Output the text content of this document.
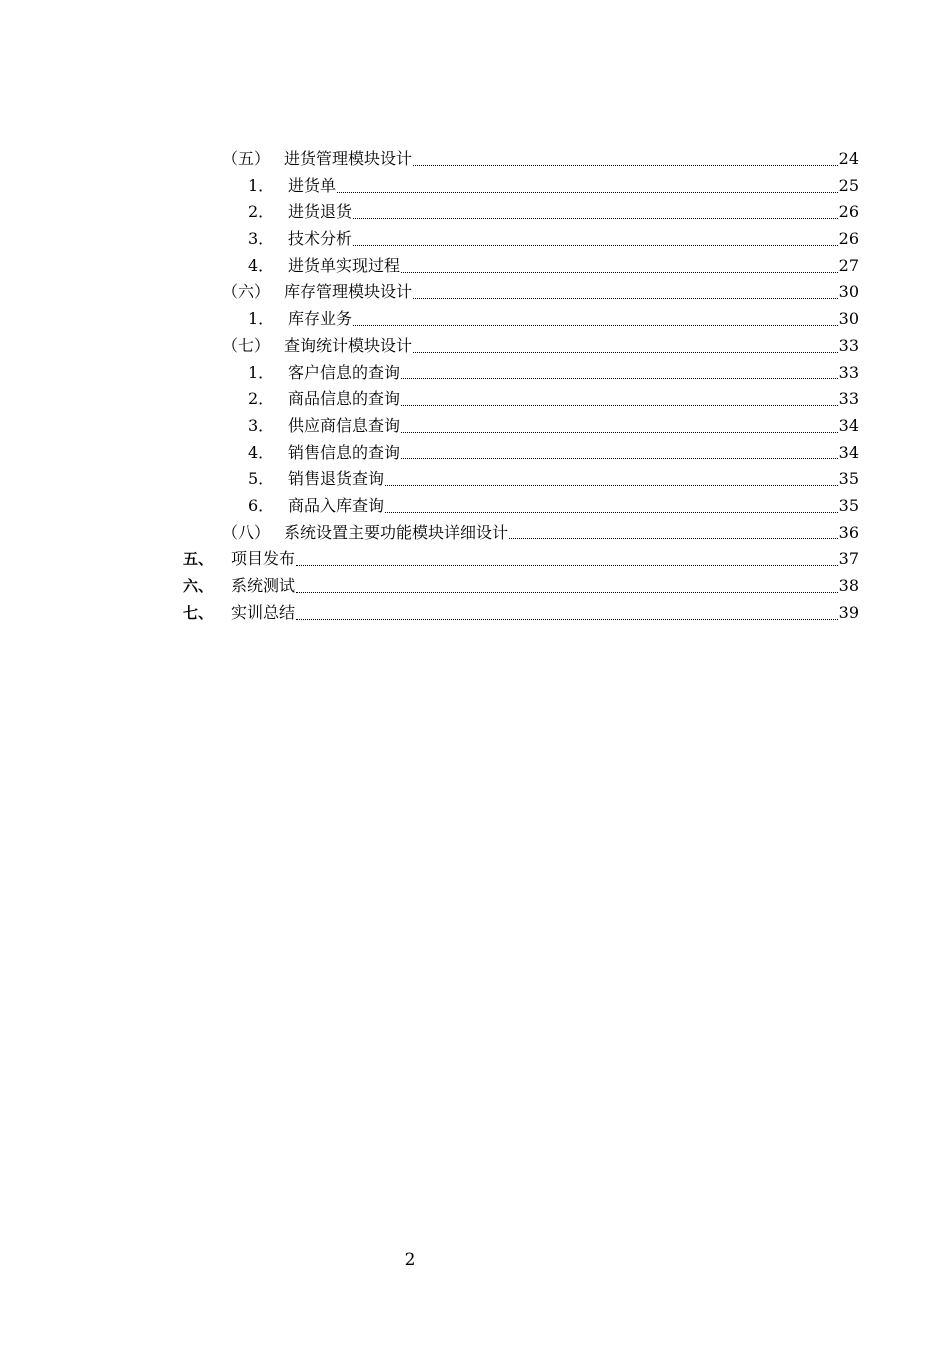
（五） 进货管理模块设计	24
1． 进货单	25
2． 进货退货	26
3． 技术分析	26
4． 进货单实现过程	27
（六） 库存管理模块设计	30
1． 库存业务	30
（七） 查询统计模块设计	33
1． 客户信息的查询	33
2． 商品信息的查询	33
3． 供应商信息查询	34
4． 销售信息的查询	34
5． 销售退货查询	35
6． 商品入库查询	35
（八） 系统设置主要功能模块详细设计	36
五、	项目发布	37
六、	系统测试	38
七、	实训总结	39
2
